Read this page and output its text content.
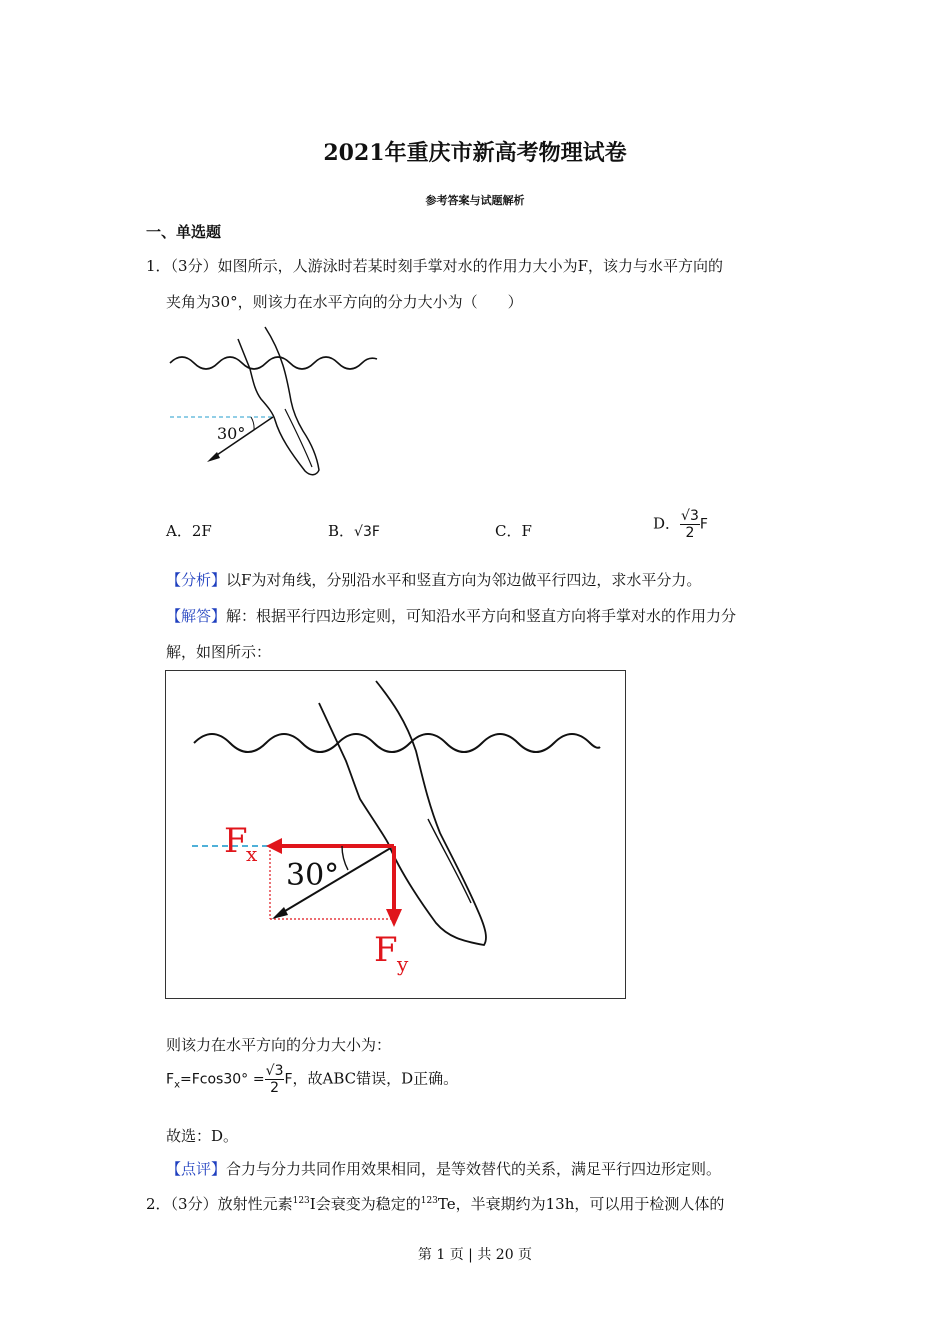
2021年重庆市新高考物理试卷
参考答案与试题解析
一、单选题
1．（3分）如图所示，人游泳时若某时刻手掌对水的作用力大小为F，该力与水平方向的
夹角为30°，则该力在水平方向的分力大小为（　　）
30°
A．2F	B．√3F	C．F	D． $\frac{√3}{2}$ F
【分析】以F为对角线，分别沿水平和竖直方向为邻边做平行四边，求水平分力。
【解答】解：根据平行四边形定则，可知沿水平方向和竖直方向将手掌对水的作用力分
解，如图所示：
30°
F
x
F y
则该力在水平方向的分力大小为：
$F_x=Fcos30^\circ = \frac{√3}{2}$ F，故ABC错误，D正确。
故选：D。
【点评】合力与分力共同作用效果相同，是等效替代的关系，满足平行四边形定则。
2．（3分）放射性元素$^{123}$I会衰变为稳定的$^{123}$Te，半衰期约为13h，可以用于检测人体的
第 1 页 | 共 20 页
